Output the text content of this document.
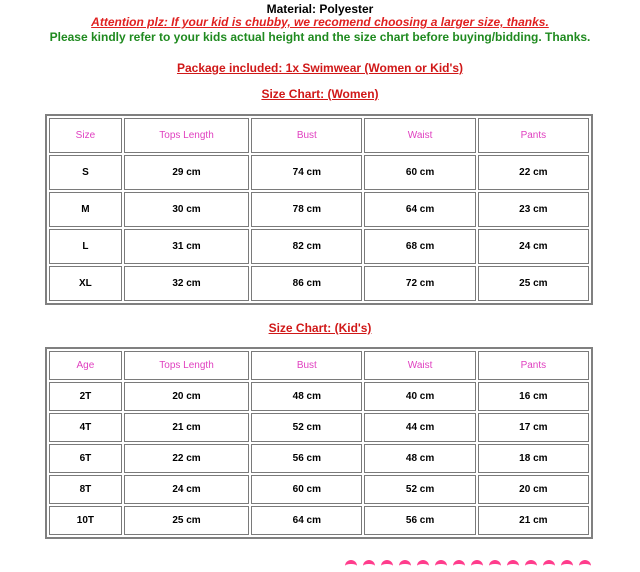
Material: Polyester
Attention plz: If your kid is chubby, we recomend choosing a larger size, thanks.
Please kindly refer to your kids actual height and the size chart before buying/bidding. Thanks.
Package included: 1x Swimwear (Women or Kid's)
Size Chart: (Women)
Size	Tops Length	Bust	Waist	Pants
S	29 cm	74 cm	60 cm	22 cm
M	30 cm	78 cm	64 cm	23 cm
L	31 cm	82 cm	68 cm	24 cm
XL	32 cm	86 cm	72 cm	25 cm
Size Chart: (Kid's)
Age	Tops Length	Bust	Waist	Pants
2T	20 cm	48 cm	40 cm	16 cm
4T	21 cm	52 cm	44 cm	17 cm
6T	22 cm	56 cm	48 cm	18 cm
8T	24 cm	60 cm	52 cm	20 cm
10T	25 cm	64 cm	56 cm	21 cm
